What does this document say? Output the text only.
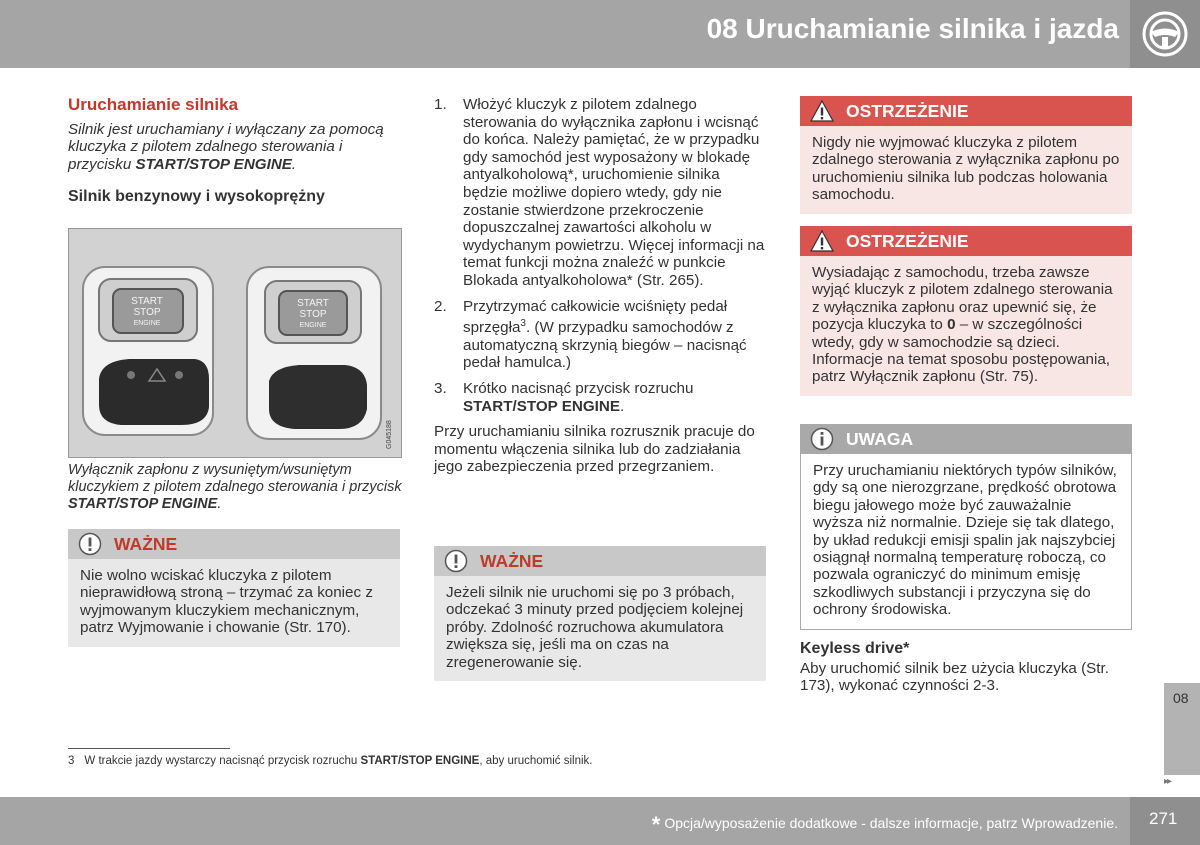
08 Uruchamianie silnika i jazda
Uruchamianie silnika
Silnik jest uruchamiany i wyłączany za pomocą kluczyka z pilotem zdalnego sterowania i przycisku START/STOP ENGINE.
Silnik benzynowy i wysokoprężny
START
STOP
ENGINE
START
STOP
ENGINE
G045188
Wyłącznik zapłonu z wysuniętym/wsuniętym kluczykiem z pilotem zdalnego sterowania i przycisk START/STOP ENGINE.
WAŻNE
Nie wolno wciskać kluczyka z pilotem nieprawidłową stroną – trzymać za koniec z wyjmowanym kluczykiem mechanicznym, patrz Wyjmowanie i chowanie (Str. 170).
1. Włożyć kluczyk z pilotem zdalnego sterowania do wyłącznika zapłonu i wcisnąć do końca. Należy pamiętać, że w przypadku gdy samochód jest wyposażony w blokadę antyalkoholową*, uruchomienie silnika będzie możliwe dopiero wtedy, gdy nie zostanie stwierdzone przekroczenie dopuszczalnej zawartości alkoholu w wydychanym powietrzu. Więcej informacji na temat funkcji można znaleźć w punkcie Blokada antyalkoholowa* (Str. 265).
2. Przytrzymać całkowicie wciśnięty pedał sprzęgła$^3$. (W przypadku samochodów z automatyczną skrzynią biegów – nacisnąć pedał hamulca.)
3. Krótko nacisnąć przycisk rozruchu START/STOP ENGINE.
Przy uruchamianiu silnika rozrusznik pracuje do momentu włączenia silnika lub do zadziałania jego zabezpieczenia przed przegrzaniem.
WAŻNE
Jeżeli silnik nie uruchomi się po 3 próbach, odczekać 3 minuty przed podjęciem kolejnej próby. Zdolność rozruchowa akumulatora zwiększa się, jeśli ma on czas na zregenerowanie się.
OSTRZEŻENIE
Nigdy nie wyjmować kluczyka z pilotem zdalnego sterowania z wyłącznika zapłonu po uruchomieniu silnika lub podczas holowania samochodu.
OSTRZEŻENIE
Wysiadając z samochodu, trzeba zawsze wyjąć kluczyk z pilotem zdalnego sterowania z wyłącznika zapłonu oraz upewnić się, że pozycja kluczyka to 0 – w szczególności wtedy, gdy w samochodzie są dzieci. Informacje na temat sposobu postępowania, patrz Wyłącznik zapłonu (Str. 75).
UWAGA
Przy uruchamianiu niektórych typów silników, gdy są one nierozgrzane, prędkość obrotowa biegu jałowego może być zauważalnie wyższa niż normalnie. Dzieje się tak dlatego, by układ redukcji emisji spalin jak najszybciej osiągnął normalną temperaturę roboczą, co pozwala ograniczyć do minimum emisję szkodliwych substancji i przyczyna się do ochrony środowiska.
Keyless drive*
Aby uruchomić silnik bez użycia kluczyka (Str. 173), wykonać czynności 2-3.
08
▸▸
3 W trakcie jazdy wystarczy nacisnąć przycisk rozruchu START/STOP ENGINE, aby uruchomić silnik.
* Opcja/wyposażenie dodatkowe - dalsze informacje, patrz Wprowadzenie. 271
